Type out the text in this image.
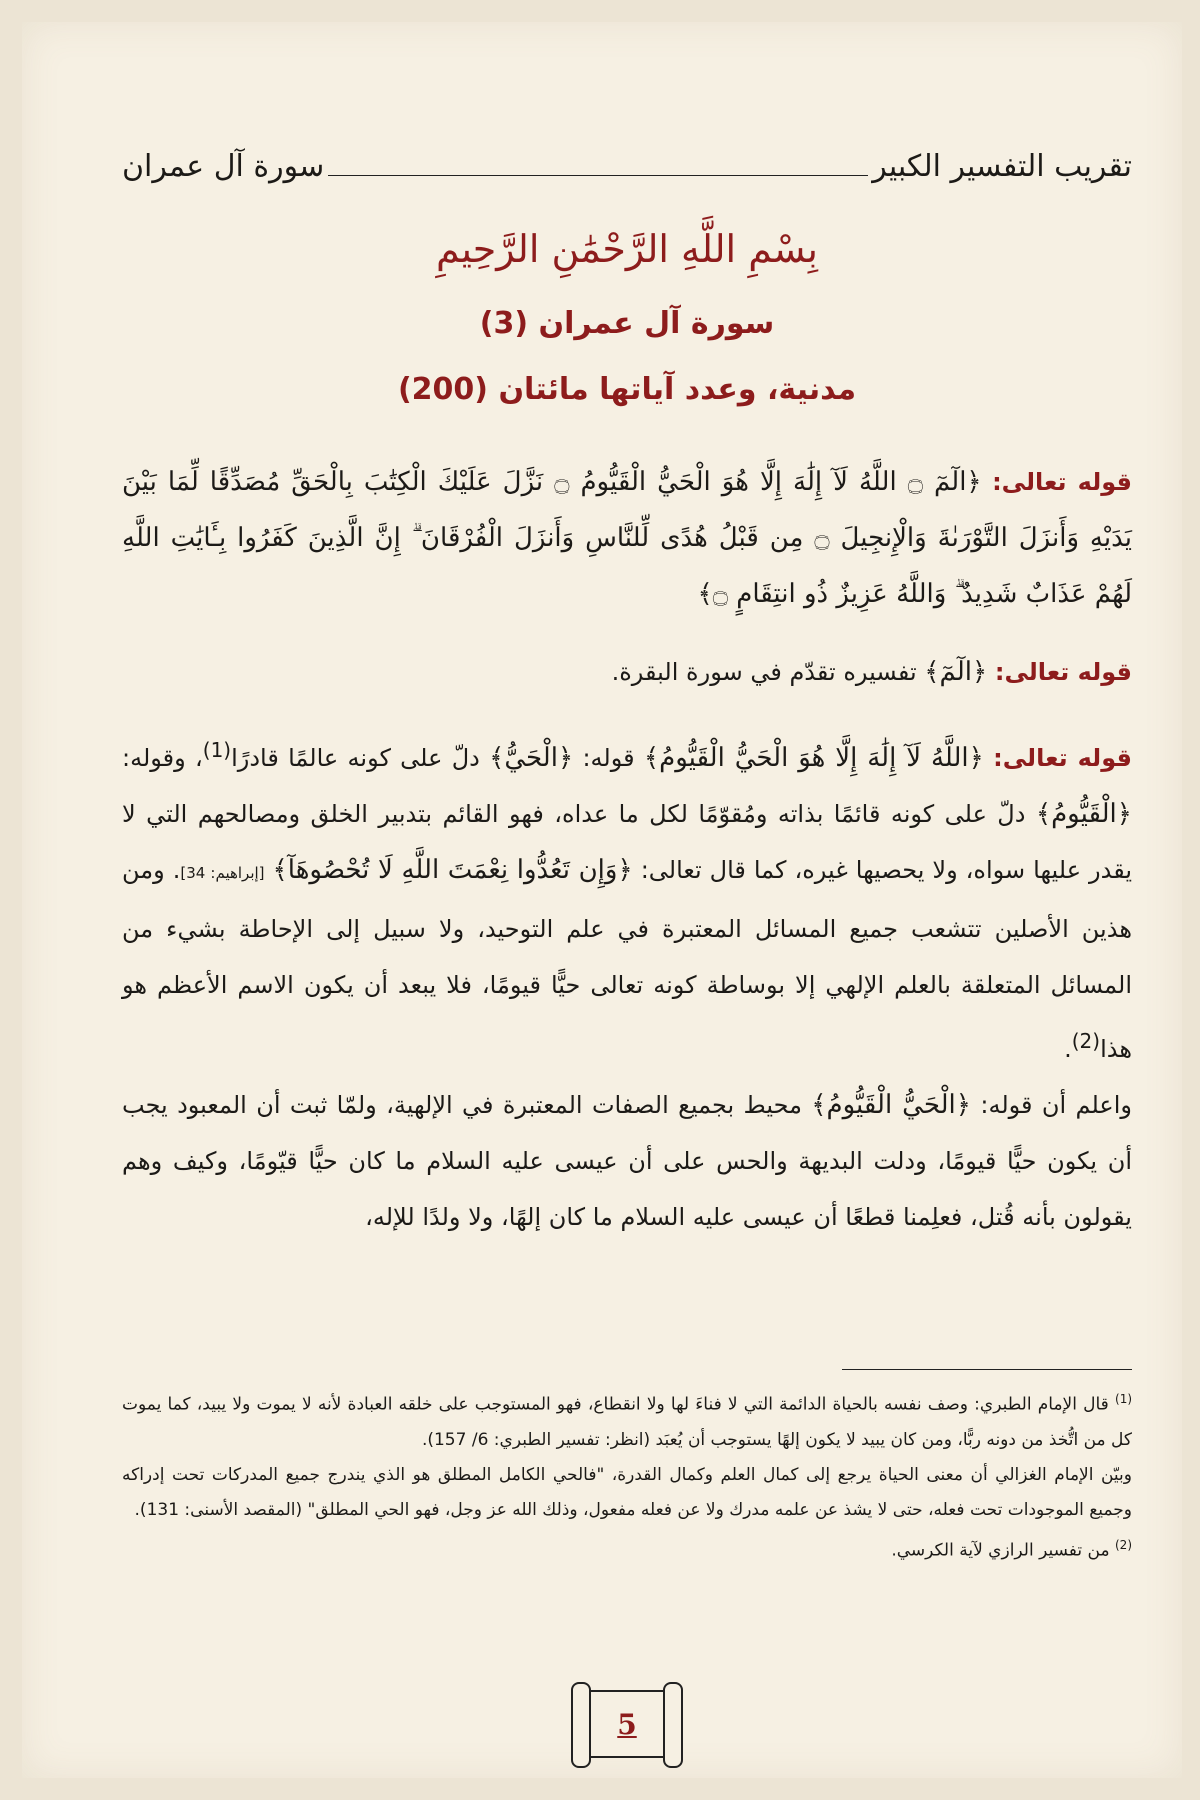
تقريب التفسير الكبير
سورة آل عمران
بِسْمِ اللَّهِ الرَّحْمَٰنِ الرَّحِيمِ
سورة آل عمران (3)
مدنية، وعدد آياتها مائتان (200)

قوله تعالى: ﴿الٓمٓ ۝ اللَّهُ لَآ إِلَٰهَ إِلَّا هُوَ الْحَيُّ الْقَيُّومُ ۝ نَزَّلَ عَلَيْكَ الْكِتَٰبَ بِالْحَقِّ مُصَدِّقًا لِّمَا بَيْنَ يَدَيْهِ وَأَنزَلَ التَّوْرَىٰةَ وَالْإِنجِيلَ ۝ مِن قَبْلُ هُدًى لِّلنَّاسِ وَأَنزَلَ الْفُرْقَانَ ۗ إِنَّ الَّذِينَ كَفَرُوا بِـَٔايَٰتِ اللَّهِ لَهُمْ عَذَابٌ شَدِيدٌ ۗ وَاللَّهُ عَزِيزٌ ذُو انتِقَامٍ ۝﴾

قوله تعالى: ﴿الٓمٓ﴾ تفسيره تقدّم في سورة البقرة.

قوله تعالى: ﴿اللَّهُ لَآ إِلَٰهَ إِلَّا هُوَ الْحَيُّ الْقَيُّومُ﴾ قوله: ﴿الْحَيُّ﴾ دلّ على كونه عالمًا قادرًا$^{(1)}$، وقوله: ﴿الْقَيُّومُ﴾ دلّ على كونه قائمًا بذاته ومُقوّمًا لكل ما عداه، فهو القائم بتدبير الخلق ومصالحهم التي لا يقدر عليها سواه، ولا يحصيها غيره، كما قال تعالى: ﴿وَإِن تَعُدُّوا نِعْمَتَ اللَّهِ لَا تُحْصُوهَآ﴾ [إبراهيم: 34]. ومن هذين الأصلين تتشعب جميع المسائل المعتبرة في علم التوحيد، ولا سبيل إلى الإحاطة بشيء من المسائل المتعلقة بالعلم الإلهي إلا بوساطة كونه تعالى حيًّا قيومًا، فلا يبعد أن يكون الاسم الأعظم هو هذا$^{(2)}$.

واعلم أن قوله: ﴿الْحَيُّ الْقَيُّومُ﴾ محيط بجميع الصفات المعتبرة في الإلهية، ولمّا ثبت أن المعبود يجب أن يكون حيًّا قيومًا، ودلت البديهة والحس على أن عيسى عليه السلام ما كان حيًّا قيّومًا، وكيف وهم يقولون بأنه قُتل، فعلِمنا قطعًا أن عيسى عليه السلام ما كان إلهًا، ولا ولدًا للإله،

$^{(1)}$ قال الإمام الطبري: وصف نفسه بالحياة الدائمة التي لا فناءَ لها ولا انقطاع، فهو المستوجب على خلقه العبادة لأنه لا يموت ولا يبيد، كما يموت كل من اتُّخذ من دونه ربًّا، ومن كان يبيد لا يكون إلهًا يستوجب أن يُعبَد (انظر: تفسير الطبري: 6/ 157).

وبيّن الإمام الغزالي أن معنى الحياة يرجع إلى كمال العلم وكمال القدرة، "فالحي الكامل المطلق هو الذي يندرج جميع المدركات تحت إدراكه وجميع الموجودات تحت فعله، حتى لا يشذ عن علمه مدرك ولا عن فعله مفعول، وذلك الله عز وجل، فهو الحي المطلق" (المقصد الأسنى: 131).

$^{(2)}$ من تفسير الرازي لآية الكرسي.

5
